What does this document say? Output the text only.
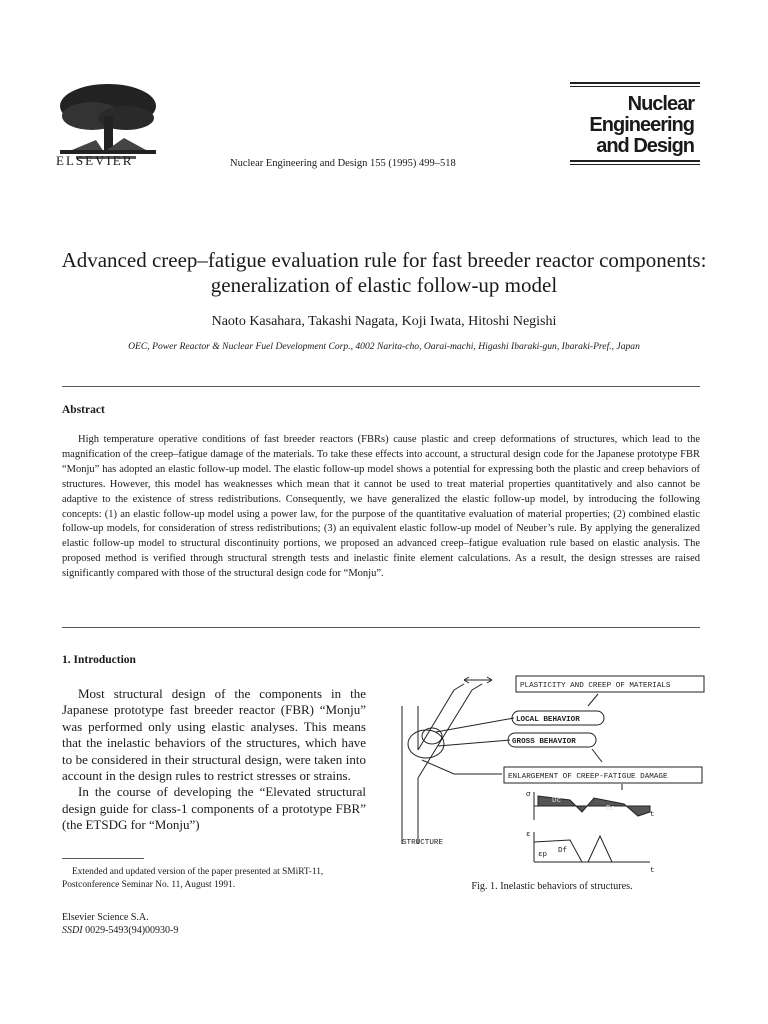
ELSEVIER	Nuclear Engineering and Design 155 (1995) 499–518
Nuclear
Engineering
and Design
Advanced creep–fatigue evaluation rule for fast breeder reactor components: generalization of elastic follow-up model
Naoto Kasahara, Takashi Nagata, Koji Iwata, Hitoshi Negishi
OEC, Power Reactor & Nuclear Fuel Development Corp., 4002 Narita-cho, Oarai-machi, Higashi Ibaraki-gun, Ibaraki-Pref., Japan
Abstract
High temperature operative conditions of fast breeder reactors (FBRs) cause plastic and creep deformations of structures, which lead to the magnification of the creep–fatigue damage of the materials. To take these effects into account, a structural design code for the Japanese prototype FBR “Monju” has adopted an elastic follow-up model. The elastic follow-up model shows a potential for expressing both the plastic and creep behaviors of structures. However, this model has weaknesses which mean that it cannot be used to treat material properties quantitatively and also cannot be adaptive to the existence of stress redistributions. Consequently, we have generalized the elastic follow-up model, by introducing the following concepts: (1) an elastic follow-up model using a power law, for the purpose of the quantitative evaluation of material properties; (2) combined elastic follow-up models, for consideration of stress redistributions; (3) an equivalent elastic follow-up model of Neuber’s rule. By applying the generalized elastic follow-up model to structural discontinuity portions, we proposed an advanced creep–fatigue evaluation rule based on elastic analysis. The proposed method is verified through structural strength tests and inelastic finite element calculations. As a result, the design stresses are raised significantly compared with those of the structural design code for “Monju”.
1. Introduction

Most structural design of the components in the Japanese prototype fast breeder reactor (FBR) “Monju” was performed only using elastic analyses. This means that the inelastic behaviors of the structures, which have to be considered in their structural design, were taken into account in the design rules to restrict stresses or strains.

In the course of developing the “Elevated structural design guide for class-1 components of a prototype FBR” (the ETSDG for “Monju”)

Extended and updated version of the paper presented at SMiRT-11, Postconference Seminar No. 11, August 1991.
Elsevier Science S.A.
SSDI 0029-5493(94)00930-9
PLASTICITY AND CREEP OF MATERIALS
LOCAL BEHAVIOR
GROSS BEHAVIOR
ENLARGEMENT OF CREEP-FATIGUE DAMAGE
STRUCTURE
σ
ε
t
t
Dc
Dc
Df
εp
Fig. 1. Inelastic behaviors of structures.
